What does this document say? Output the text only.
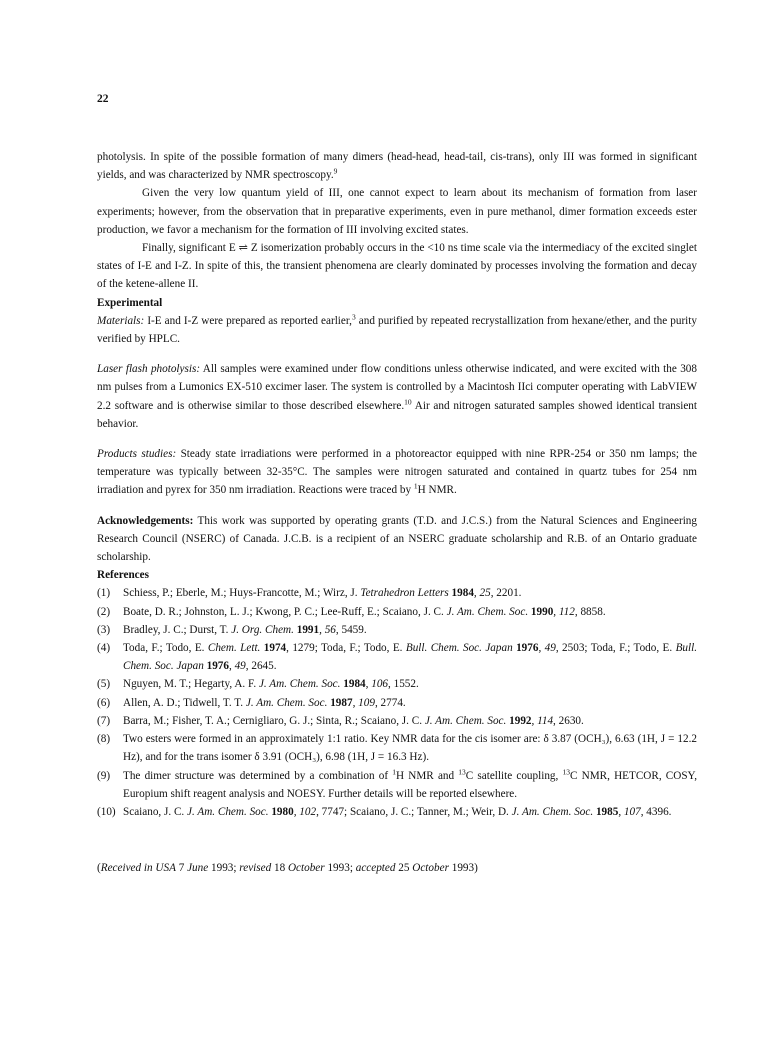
22

photolysis. In spite of the possible formation of many dimers (head-head, head-tail, cis-trans), only III was formed in significant yields, and was characterized by NMR spectroscopy.$^9$

Given the very low quantum yield of III, one cannot expect to learn about its mechanism of formation from laser experiments; however, from the observation that in preparative experiments, even in pure methanol, dimer formation exceeds ester production, we favor a mechanism for the formation of III involving excited states.

Finally, significant E ⇌ Z isomerization probably occurs in the <10 ns time scale via the intermediacy of the excited singlet states of I-E and I-Z. In spite of this, the transient phenomena are clearly dominated by processes involving the formation and decay of the ketene-allene II.

Experimental

Materials: I-E and I-Z were prepared as reported earlier,$^3$ and purified by repeated recrystallization from hexane/ether, and the purity verified by HPLC.

Laser flash photolysis: All samples were examined under flow conditions unless otherwise indicated, and were excited with the 308 nm pulses from a Lumonics EX-510 excimer laser. The system is controlled by a Macintosh IIci computer operating with LabVIEW 2.2 software and is otherwise similar to those described elsewhere.$^{10}$ Air and nitrogen saturated samples showed identical transient behavior.

Products studies: Steady state irradiations were performed in a photoreactor equipped with nine RPR-254 or 350 nm lamps; the temperature was typically between 32-35°C. The samples were nitrogen saturated and contained in quartz tubes for 254 nm irradiation and pyrex for 350 nm irradiation. Reactions were traced by $^1$H NMR.

Acknowledgements: This work was supported by operating grants (T.D. and J.C.S.) from the Natural Sciences and Engineering Research Council (NSERC) of Canada. J.C.B. is a recipient of an NSERC graduate scholarship and R.B. of an Ontario graduate scholarship.

References

(1) Schiess, P.; Eberle, M.; Huys-Francotte, M.; Wirz, J. Tetrahedron Letters 1984, 25, 2201.
(2) Boate, D. R.; Johnston, L. J.; Kwong, P. C.; Lee-Ruff, E.; Scaiano, J. C. J. Am. Chem. Soc. 1990, 112, 8858.
(3) Bradley, J. C.; Durst, T. J. Org. Chem. 1991, 56, 5459.
(4) Toda, F.; Todo, E. Chem. Lett. 1974, 1279; Toda, F.; Todo, E. Bull. Chem. Soc. Japan 1976, 49, 2503; Toda, F.; Todo, E. Bull. Chem. Soc. Japan 1976, 49, 2645.
(5) Nguyen, M. T.; Hegarty, A. F. J. Am. Chem. Soc. 1984, 106, 1552.
(6) Allen, A. D.; Tidwell, T. T. J. Am. Chem. Soc. 1987, 109, 2774.
(7) Barra, M.; Fisher, T. A.; Cernigliaro, G. J.; Sinta, R.; Scaiano, J. C. J. Am. Chem. Soc. 1992, 114, 2630.
(8) Two esters were formed in an approximately 1:1 ratio. Key NMR data for the cis isomer are: δ 3.87 (OCH₃), 6.63 (1H, J = 12.2 Hz), and for the trans isomer δ 3.91 (OCH₃), 6.98 (1H, J = 16.3 Hz).
(9) The dimer structure was determined by a combination of $^1$H NMR and $^{13}$C satellite coupling, $^{13}$C NMR, HETCOR, COSY, Europium shift reagent analysis and NOESY. Further details will be reported elsewhere.
(10) Scaiano, J. C. J. Am. Chem. Soc. 1980, 102, 7747; Scaiano, J. C.; Tanner, M.; Weir, D. J. Am. Chem. Soc. 1985, 107, 4396.

(Received in USA 7 June 1993; revised 18 October 1993; accepted 25 October 1993)
